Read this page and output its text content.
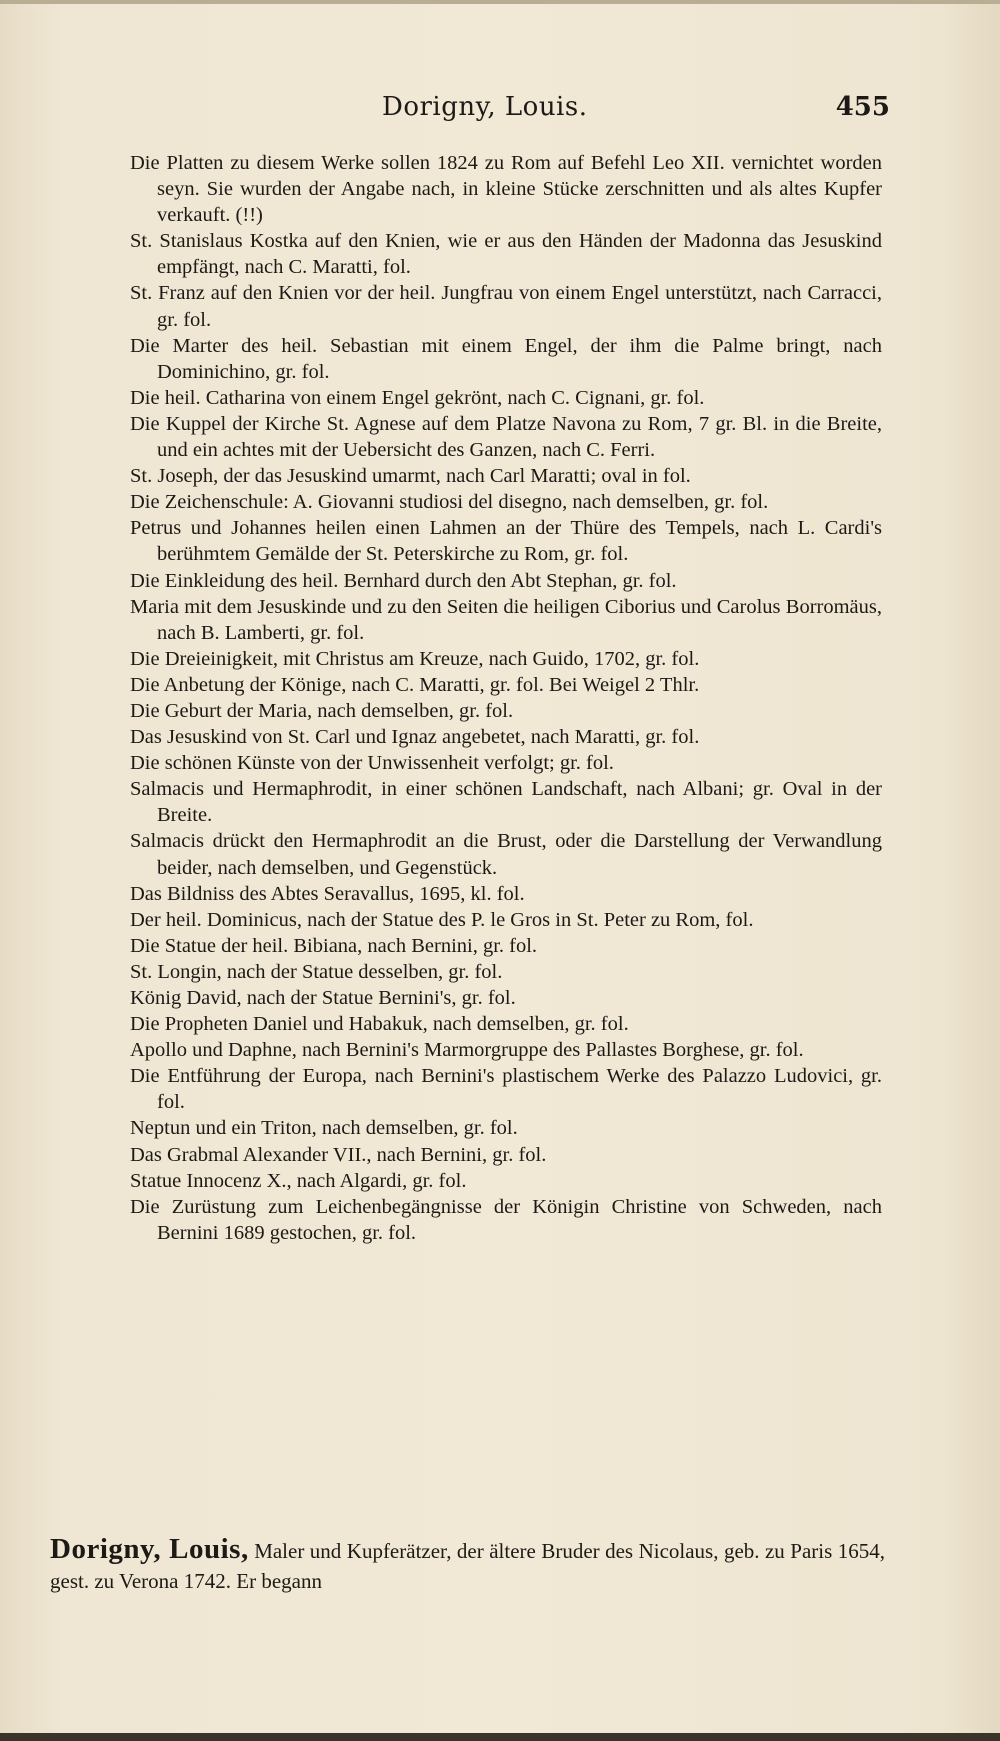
Dorigny, Louis.	455

Die Platten zu diesem Werke sollen 1824 zu Rom auf Befehl Leo XII. vernichtet worden seyn. Sie wurden der Angabe nach, in kleine Stücke zerschnitten und als altes Kupfer verkauft. (!!)

St. Stanislaus Kostka auf den Knien, wie er aus den Händen der Madonna das Jesuskind empfängt, nach C. Maratti, fol.

St. Franz auf den Knien vor der heil. Jungfrau von einem Engel unterstützt, nach Carracci, gr. fol.

Die Marter des heil. Sebastian mit einem Engel, der ihm die Palme bringt, nach Dominichino, gr. fol.

Die heil. Catharina von einem Engel gekrönt, nach C. Cignani, gr. fol.

Die Kuppel der Kirche St. Agnese auf dem Platze Navona zu Rom, 7 gr. Bl. in die Breite, und ein achtes mit der Uebersicht des Ganzen, nach C. Ferri.

St. Joseph, der das Jesuskind umarmt, nach Carl Maratti; oval in fol.

Die Zeichenschule: A. Giovanni studiosi del disegno, nach demselben, gr. fol.

Petrus und Johannes heilen einen Lahmen an der Thüre des Tempels, nach L. Cardi's berühmtem Gemälde der St. Peterskirche zu Rom, gr. fol.

Die Einkleidung des heil. Bernhard durch den Abt Stephan, gr. fol.

Maria mit dem Jesuskinde und zu den Seiten die heiligen Ciborius und Carolus Borromäus, nach B. Lamberti, gr. fol.

Die Dreieinigkeit, mit Christus am Kreuze, nach Guido, 1702, gr. fol.

Die Anbetung der Könige, nach C. Maratti, gr. fol. Bei Weigel 2 Thlr.

Die Geburt der Maria, nach demselben, gr. fol.

Das Jesuskind von St. Carl und Ignaz angebetet, nach Maratti, gr. fol.

Die schönen Künste von der Unwissenheit verfolgt; gr. fol.

Salmacis und Hermaphrodit, in einer schönen Landschaft, nach Albani; gr. Oval in der Breite.

Salmacis drückt den Hermaphrodit an die Brust, oder die Darstellung der Verwandlung beider, nach demselben, und Gegenstück.

Das Bildniss des Abtes Seravallus, 1695, kl. fol.

Der heil. Dominicus, nach der Statue des P. le Gros in St. Peter zu Rom, fol.

Die Statue der heil. Bibiana, nach Bernini, gr. fol.

St. Longin, nach der Statue desselben, gr. fol.

König David, nach der Statue Bernini's, gr. fol.

Die Propheten Daniel und Habakuk, nach demselben, gr. fol.

Apollo und Daphne, nach Bernini's Marmorgruppe des Pallastes Borghese, gr. fol.

Die Entführung der Europa, nach Bernini's plastischem Werke des Palazzo Ludovici, gr. fol.

Neptun und ein Triton, nach demselben, gr. fol.

Das Grabmal Alexander VII., nach Bernini, gr. fol.

Statue Innocenz X., nach Algardi, gr. fol.

Die Zurüstung zum Leichenbegängnisse der Königin Christine von Schweden, nach Bernini 1689 gestochen, gr. fol.

Dorigny, Louis, Maler und Kupferätzer, der ältere Bruder des Nicolaus, geb. zu Paris 1654, gest. zu Verona 1742. Er begann
